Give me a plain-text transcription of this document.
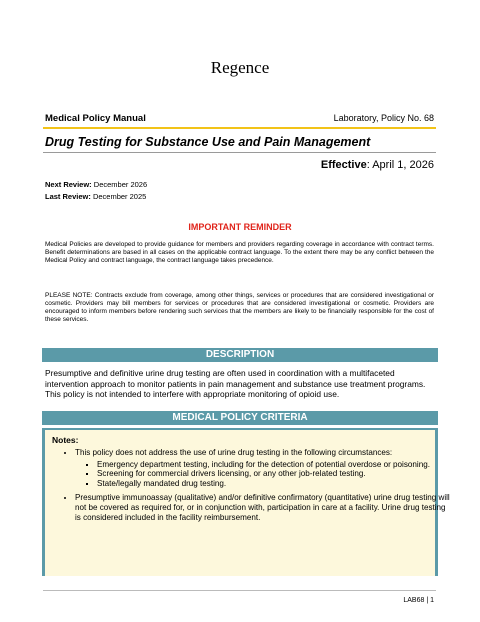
Regence
Medical Policy Manual	Laboratory, Policy No. 68
Drug Testing for Substance Use and Pain Management
Effective: April 1, 2026
Next Review: December 2026
Last Review: December 2025
IMPORTANT REMINDER
Medical Policies are developed to provide guidance for members and providers regarding coverage in accordance with contract terms. Benefit determinations are based in all cases on the applicable contract language. To the extent there may be any conflict between the Medical Policy and contract language, the contract language takes precedence.
PLEASE NOTE: Contracts exclude from coverage, among other things, services or procedures that are considered investigational or cosmetic. Providers may bill members for services or procedures that are considered investigational or cosmetic. Providers are encouraged to inform members before rendering such services that the members are likely to be financially responsible for the cost of these services.
DESCRIPTION
Presumptive and definitive urine drug testing are often used in coordination with a multifaceted intervention approach to monitor patients in pain management and substance use treatment programs. This policy is not intended to interfere with appropriate monitoring of opioid use.
MEDICAL POLICY CRITERIA
Notes:
• This policy does not address the use of urine drug testing in the following circumstances:
▪ Emergency department testing, including for the detection of potential overdose or poisoning.
▪ Screening for commercial drivers licensing, or any other job-related testing.
▪ State/legally mandated drug testing.
• Presumptive immunoassay (qualitative) and/or definitive confirmatory (quantitative) urine drug testing will not be covered as required for, or in conjunction with, participation in care at a facility. Urine drug testing is considered included in the facility reimbursement.
LAB68 | 1
